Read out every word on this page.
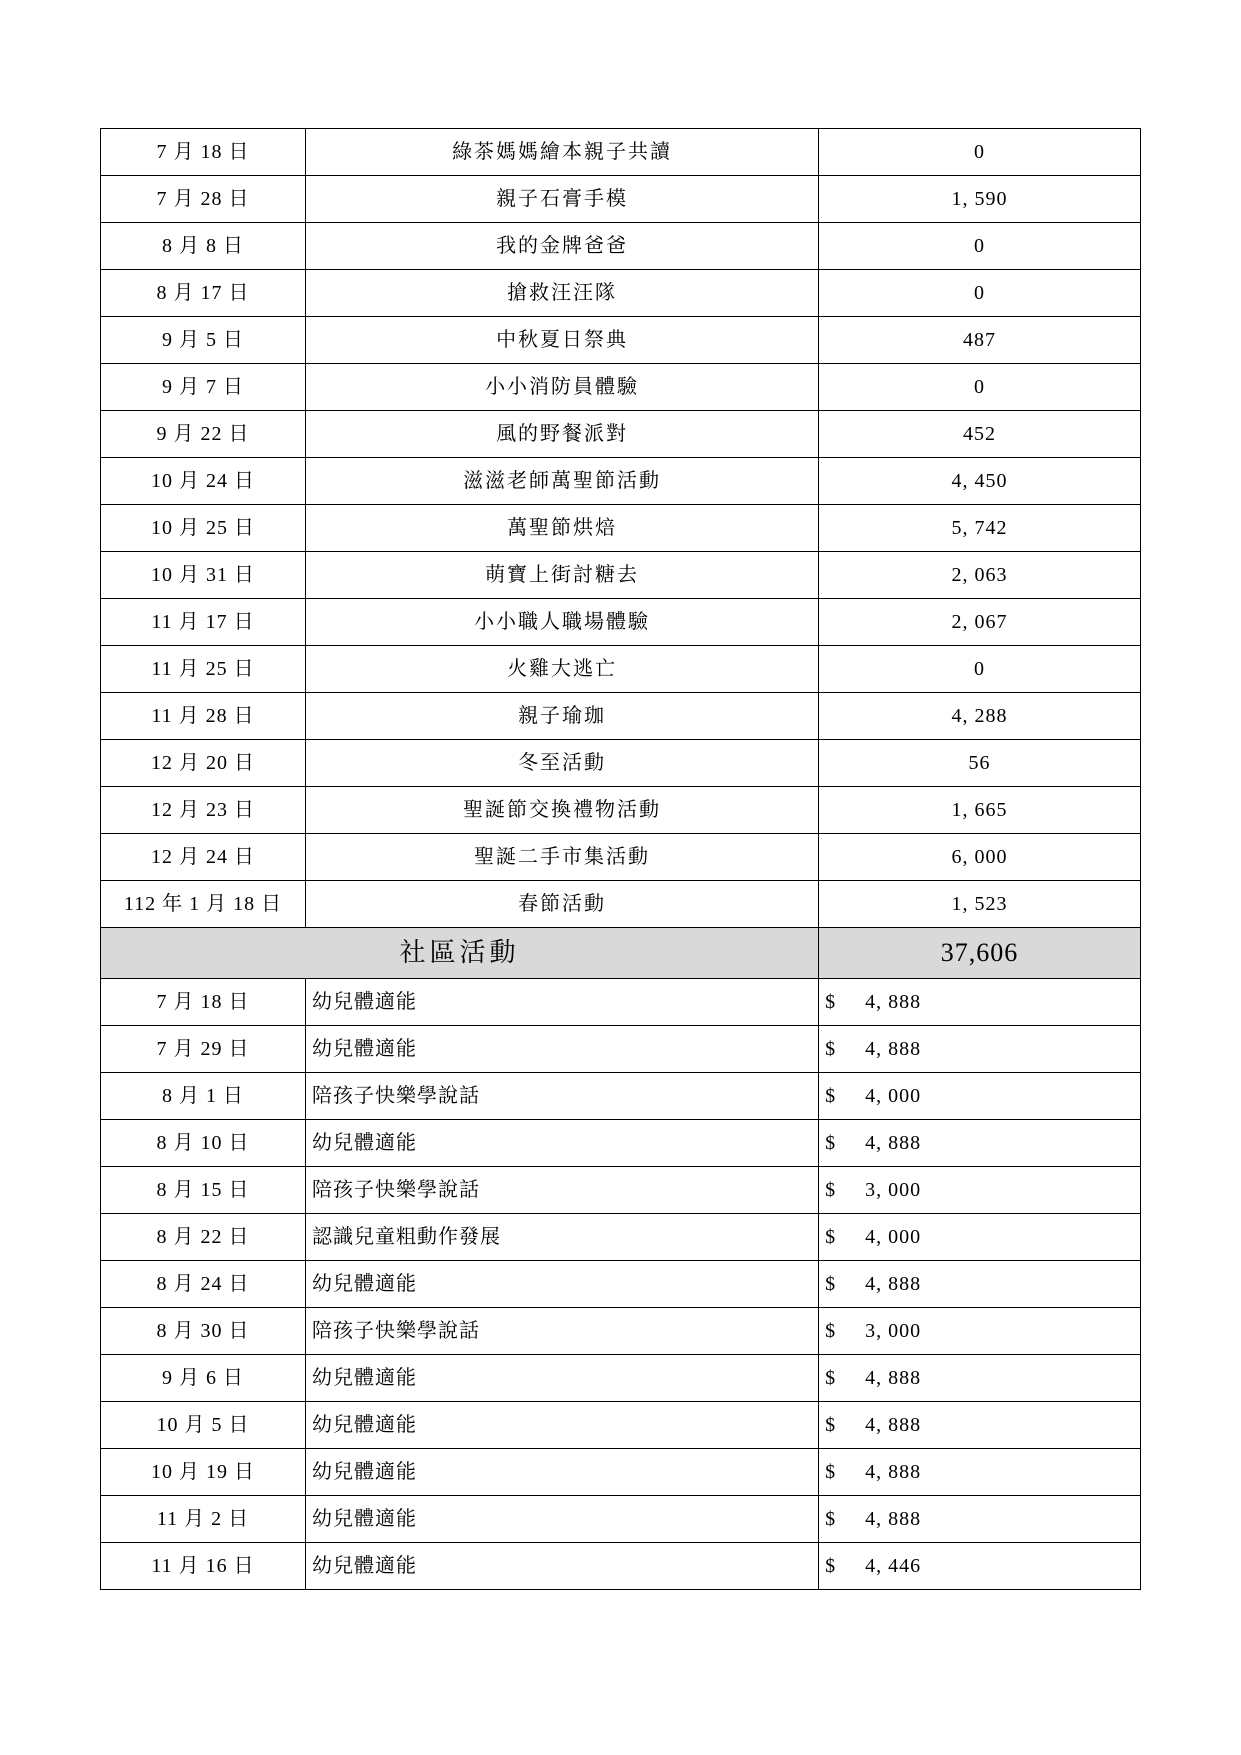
7 月 18 日	綠茶媽媽繪本親子共讀	0
7 月 28 日	親子石膏手模	1, 590
8 月 8 日	我的金牌爸爸	0
8 月 17 日	搶救汪汪隊	0
9 月 5 日	中秋夏日祭典	487
9 月 7 日	小小消防員體驗	0
9 月 22 日	風的野餐派對	452
10 月 24 日	滋滋老師萬聖節活動	4, 450
10 月 25 日	萬聖節烘焙	5, 742
10 月 31 日	萌寶上街討糖去	2, 063
11 月 17 日	小小職人職場體驗	2, 067
11 月 25 日	火雞大逃亡	0
11 月 28 日	親子瑜珈	4, 288
12 月 20 日	冬至活動	56
12 月 23 日	聖誕節交換禮物活動	1, 665
12 月 24 日	聖誕二手市集活動	6, 000
112 年 1 月 18 日	春節活動	1, 523
社區活動		37,606
7 月 18 日	幼兒體適能	$ 4, 888
7 月 29 日	幼兒體適能	$ 4, 888
8 月 1 日	陪孩子快樂學說話	$ 4, 000
8 月 10 日	幼兒體適能	$ 4, 888
8 月 15 日	陪孩子快樂學說話	$ 3, 000
8 月 22 日	認識兒童粗動作發展	$ 4, 000
8 月 24 日	幼兒體適能	$ 4, 888
8 月 30 日	陪孩子快樂學說話	$ 3, 000
9 月 6 日	幼兒體適能	$ 4, 888
10 月 5 日	幼兒體適能	$ 4, 888
10 月 19 日	幼兒體適能	$ 4, 888
11 月 2 日	幼兒體適能	$ 4, 888
11 月 16 日	幼兒體適能	$ 4, 446
